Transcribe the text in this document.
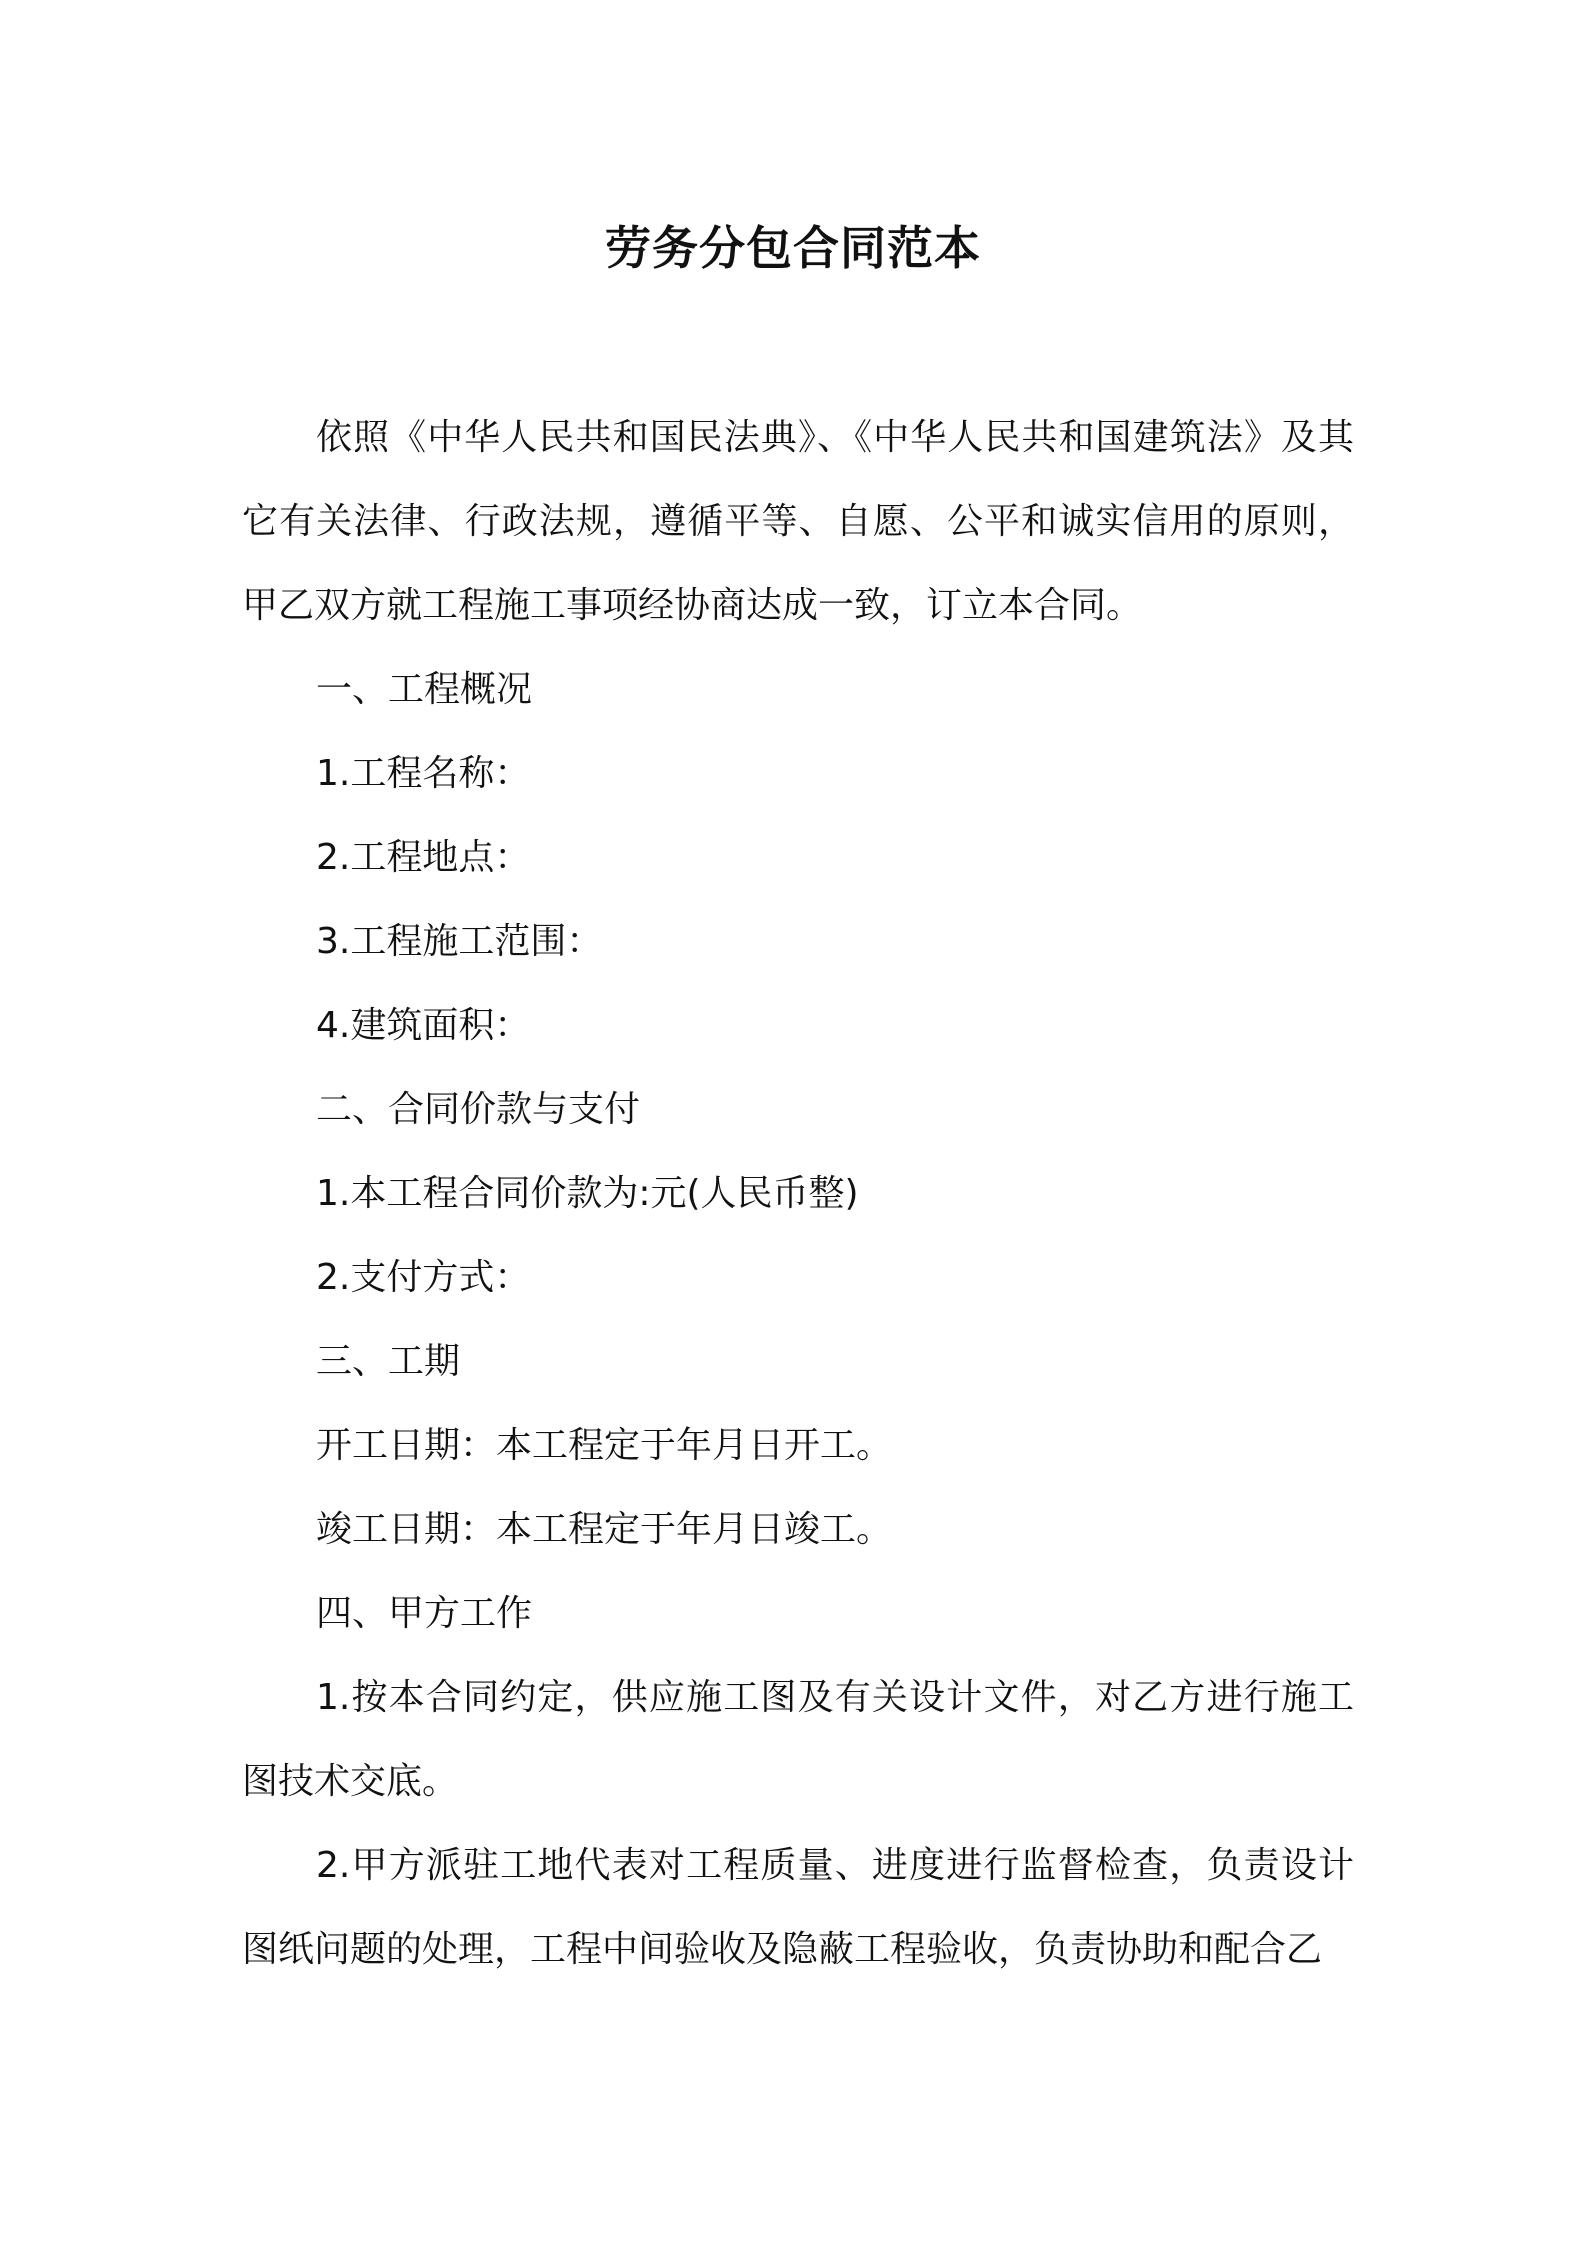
劳务分包合同范本

依照《中华人民共和国民法典》、《中华人民共和国建筑法》及其它有关法律、行政法规，遵循平等、自愿、公平和诚实信用的原则，甲乙双方就工程施工事项经协商达成一致，订立本合同。

一、工程概况

1.工程名称：

2.工程地点：

3.工程施工范围：

4.建筑面积：

二、合同价款与支付

1.本工程合同价款为:元(人民币整)

2.支付方式：

三、工期

开工日期：本工程定于年月日开工。

竣工日期：本工程定于年月日竣工。

四、甲方工作

1.按本合同约定，供应施工图及有关设计文件，对乙方进行施工图技术交底。

2.甲方派驻工地代表对工程质量、进度进行监督检查，负责设计图纸问题的处理，工程中间验收及隐蔽工程验收，负责协助和配合乙
